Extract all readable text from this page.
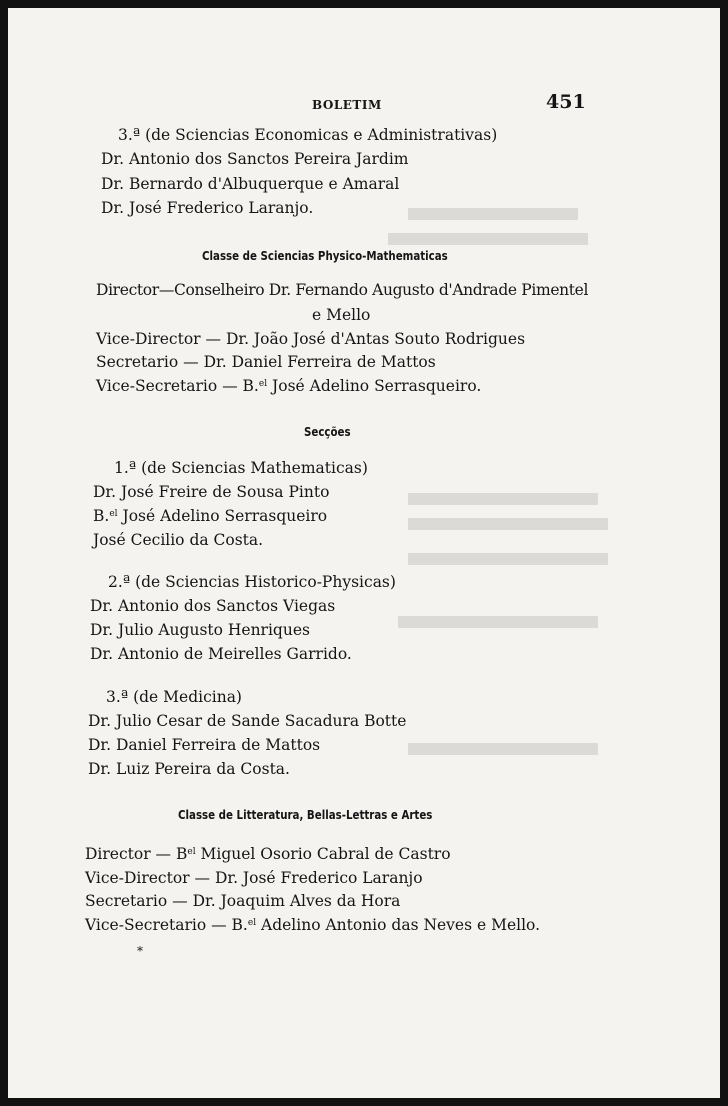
BOLETIM	451
3.ª (de Sciencias Economicas e Administrativas)
Dr. Antonio dos Sanctos Pereira Jardim
Dr. Bernardo d'Albuquerque e Amaral
Dr. José Frederico Laranjo.
Classe de Sciencias Physico-Mathematicas
Director—Conselheiro Dr. Fernando Augusto d'Andrade Pimentel
e Mello
Vice-Director — Dr. João José d'Antas Souto Rodrigues
Secretario — Dr. Daniel Ferreira de Mattos
Vice-Secretario — B.$^{el}$ José Adelino Serrasqueiro.
Secções
1.ª (de Sciencias Mathematicas)
Dr. José Freire de Sousa Pinto
B.$^{el}$ José Adelino Serrasqueiro
José Cecilio da Costa.
2.ª (de Sciencias Historico-Physicas)
Dr. Antonio dos Sanctos Viegas
Dr. Julio Augusto Henriques
Dr. Antonio de Meirelles Garrido.
3.ª (de Medicina)
Dr. Julio Cesar de Sande Sacadura Botte
Dr. Daniel Ferreira de Mattos
Dr. Luiz Pereira da Costa.
Classe de Litteratura, Bellas-Lettras e Artes
Director — $B^{el}$ Miguel Osorio Cabral de Castro
Vice-Director — Dr. José Frederico Laranjo
Secretario — Dr. Joaquim Alves da Hora
Vice-Secretario — B.$^{el}$ Adelino Antonio das Neves e Mello.
*
